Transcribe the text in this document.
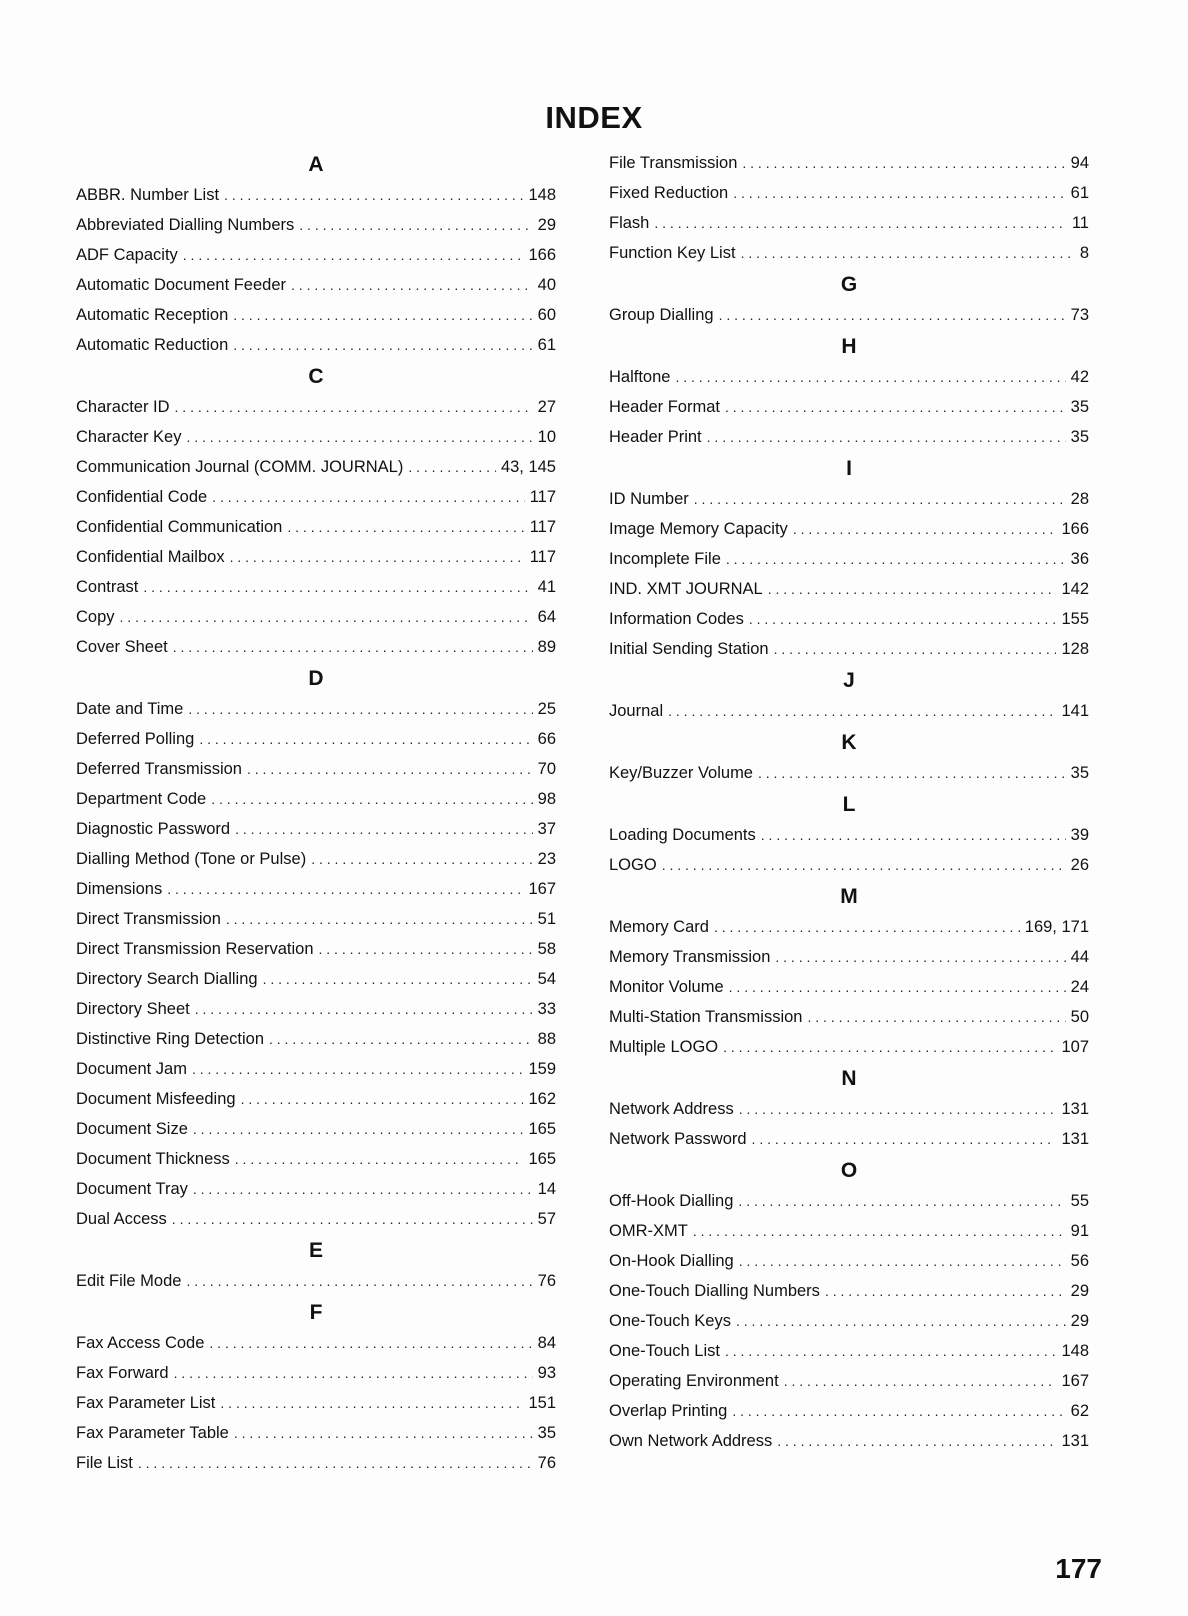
INDEX
A
ABBR. Number List . . .	148
Abbreviated Dialling Numbers . . .	29
ADF Capacity . . .	166
Automatic Document Feeder . . .	40
Automatic Reception . . .	60
Automatic Reduction . . .	61
C
Character ID . . .	27
Character Key . . .	10
Communication Journal (COMM. JOURNAL) . . .	43, 145
Confidential Code . . .	117
Confidential Communication . . .	117
Confidential Mailbox . . .	117
Contrast . . .	41
Copy . . .	64
Cover Sheet . . .	89
D
Date and Time . . .	25
Deferred Polling . . .	66
Deferred Transmission . . .	70
Department Code . . .	98
Diagnostic Password . . .	37
Dialling Method (Tone or Pulse) . . .	23
Dimensions . . .	167
Direct Transmission . . .	51
Direct Transmission Reservation . . .	58
Directory Search Dialling . . .	54
Directory Sheet . . .	33
Distinctive Ring Detection . . .	88
Document Jam . . .	159
Document Misfeeding . . .	162
Document Size . . .	165
Document Thickness . . .	165
Document Tray . . .	14
Dual Access . . .	57
E
Edit File Mode . . .	76
F
Fax Access Code . . .	84
Fax Forward . . .	93
Fax Parameter List . . .	151
Fax Parameter Table . . .	35
File List . . .	76
File Transmission . . .	94
Fixed Reduction . . .	61
Flash . . .	11
Function Key List . . .	8
G
Group Dialling . . .	73
H
Halftone . . .	42
Header Format . . .	35
Header Print . . .	35
I
ID Number . . .	28
Image Memory Capacity . . .	166
Incomplete File . . .	36
IND. XMT JOURNAL . . .	142
Information Codes . . .	155
Initial Sending Station . . .	128
J
Journal . . .	141
K
Key/Buzzer Volume . . .	35
L
Loading Documents . . .	39
LOGO . . .	26
M
Memory Card . . .	169, 171
Memory Transmission . . .	44
Monitor Volume . . .	24
Multi-Station Transmission . . .	50
Multiple LOGO . . .	107
N
Network Address . . .	131
Network Password . . .	131
O
Off-Hook Dialling . . .	55
OMR-XMT . . .	91
On-Hook Dialling . . .	56
One-Touch Dialling Numbers . . .	29
One-Touch Keys . . .	29
One-Touch List . . .	148
Operating Environment . . .	167
Overlap Printing . . .	62
Own Network Address . . .	131
177
